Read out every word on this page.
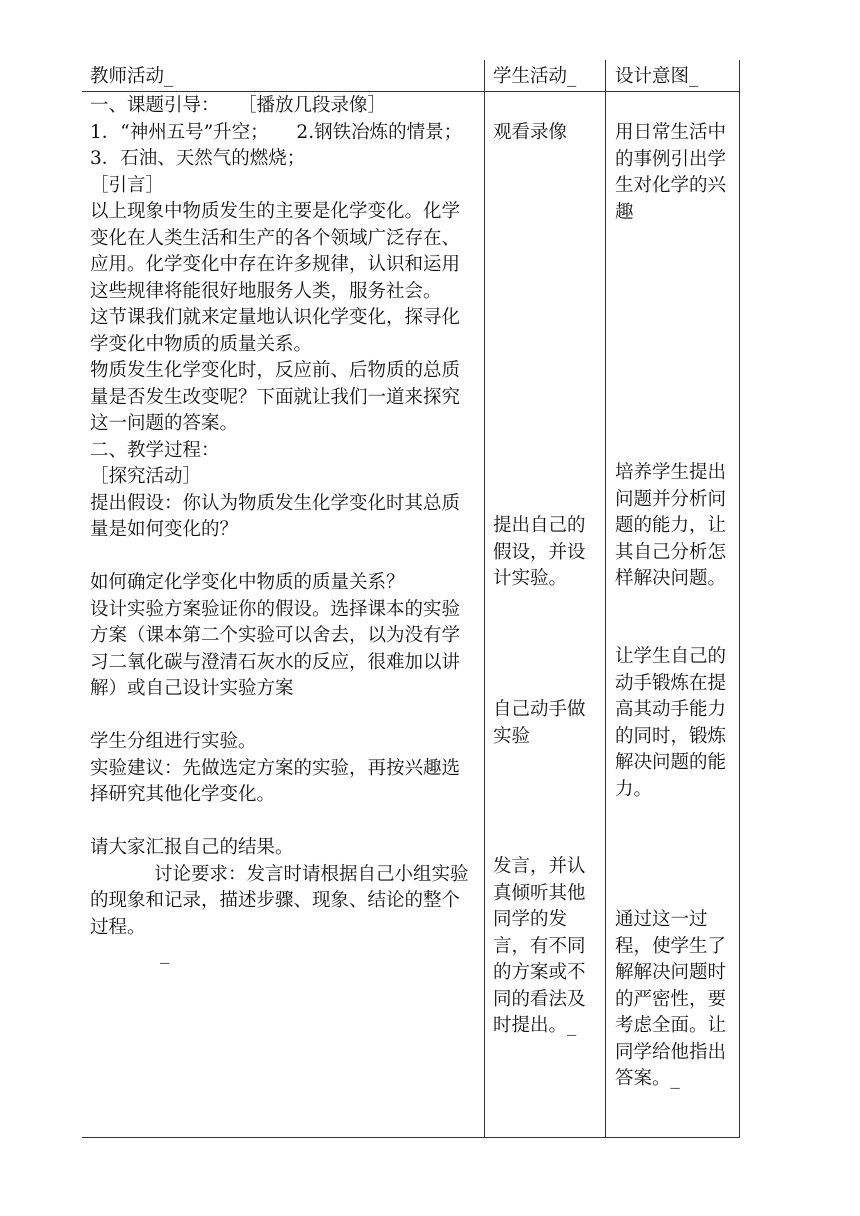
教师活动_	学生活动_ 设计意图_

一、课题引导：　　［播放几段录像］

1．“神州五号”升空；　　2.钢铁冶炼的情景；3．石油、天然气的燃烧；

［引言］

以上现象中物质发生的主要是化学变化。化学变化在人类生活和生产的各个领域广泛存在、应用。化学变化中存在许多规律，认识和运用这些规律将能很好地服务人类，服务社会。

这节课我们就来定量地认识化学变化，探寻化学变化中物质的质量关系。

物质发生化学变化时，反应前、后物质的总质量是否发生改变呢？下面就让我们一道来探究这一问题的答案。

二、教学过程：

［探究活动］

提出假设：你认为物质发生化学变化时其总质量是如何变化的？

如何确定化学变化中物质的质量关系？

设计实验方案验证你的假设。选择课本的实验方案（课本第二个实验可以舍去，以为没有学习二氧化碳与澄清石灰水的反应，很难加以讲解）或自己设计实验方案

学生分组进行实验。

实验建议：先做选定方案的实验，再按兴趣选择研究其他化学变化。

请大家汇报自己的结果。

讨论要求：发言时请根据自己小组实验的现象和记录，描述步骤、现象、结论的整个过程。

_

观看录像
提出自己的假设，并设计实验。
自己动手做实验
发言，并认真倾听其他同学的发言，有不同的方案或不同的看法及时提出。_
用日常生活中的事例引出学生对化学的兴趣
培养学生提出问题并分析问题的能力，让其自己分析怎样解决问题。
让学生自己的动手锻炼在提高其动手能力的同时，锻炼解决问题的能力。
通过这一过程，使学生了解解决问题时的严密性，要考虑全面。让同学给他指出答案。_
